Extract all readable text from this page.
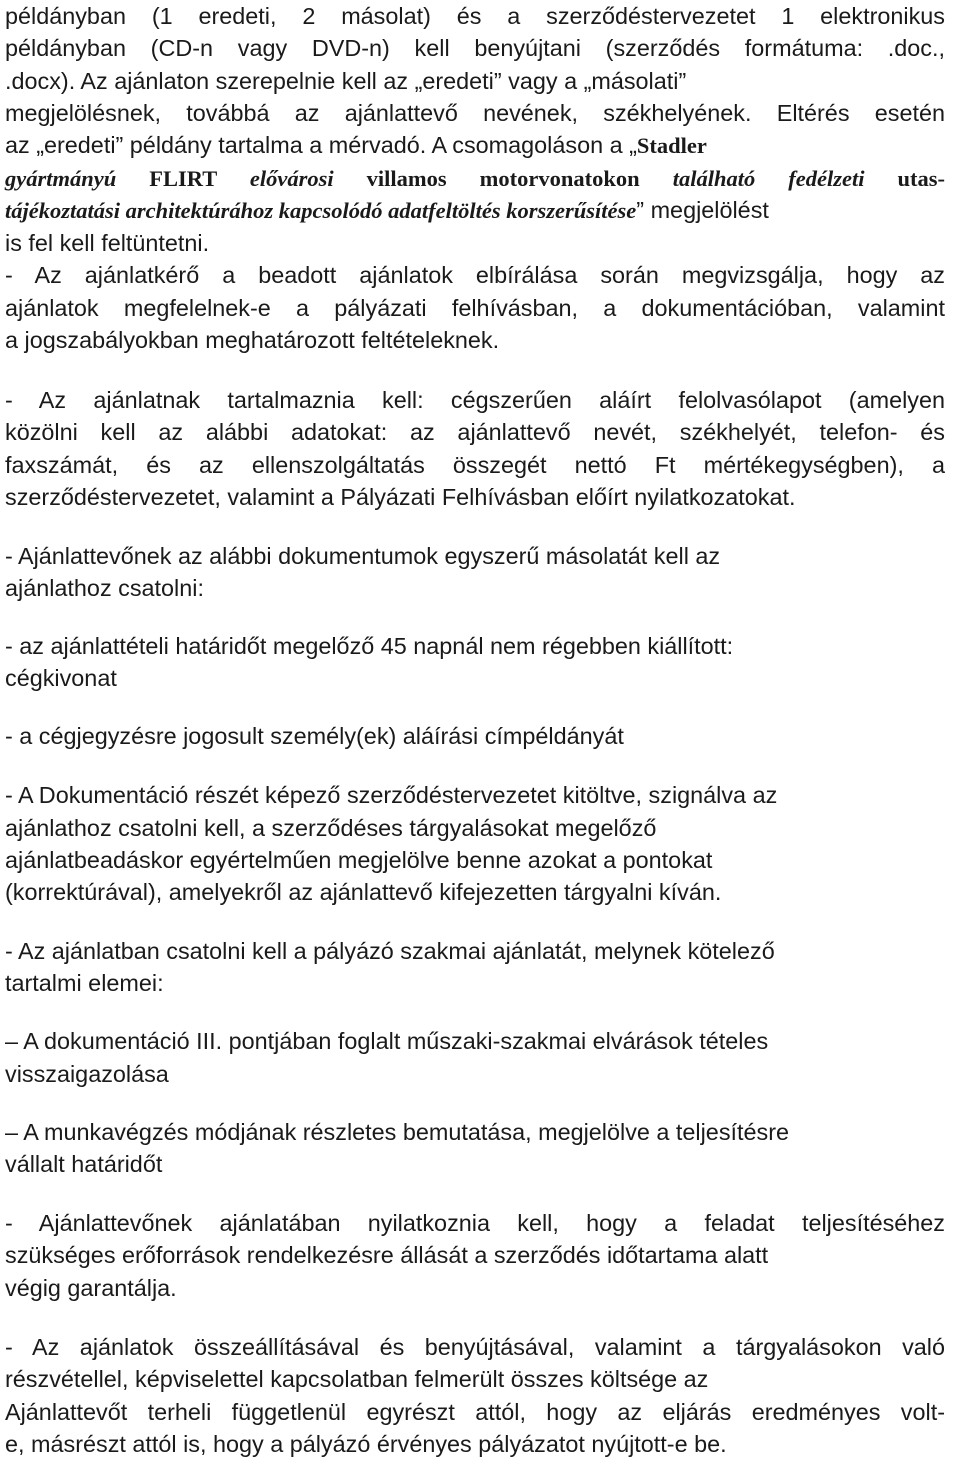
példányban (1 eredeti, 2 másolat) és a szerződéstervezetet 1 elektronikus
példányban (CD-n vagy DVD-n) kell benyújtani (szerződés formátuma: .doc.,
.docx). Az ajánlaton szerepelnie kell az „eredeti” vagy a „másolati”
megjelölésnek, továbbá az ajánlattevő nevének, székhelyének. Eltérés esetén
az „eredeti” példány tartalma a mérvadó. A csomagoláson a „Stadler
gyártmányú FLIRT elővárosi villamos motorvonatokon található fedélzeti utas-
tájékoztatási architektúrához kapcsolódó adatfeltöltés korszerűsítése” megjelölést
is fel kell feltüntetni.
- Az ajánlatkérő a beadott ajánlatok elbírálása során megvizsgálja, hogy az
ajánlatok megfelelnek-e a pályázati felhívásban, a dokumentációban, valamint
a jogszabályokban meghatározott feltételeknek.
- Az ajánlatnak tartalmaznia kell: cégszerűen aláírt felolvasólapot (amelyen
közölni kell az alábbi adatokat: az ajánlattevő nevét, székhelyét, telefon- és
faxszámát, és az ellenszolgáltatás összegét nettó Ft mértékegységben), a
szerződéstervezetet, valamint a Pályázati Felhívásban előírt nyilatkozatokat.
- Ajánlattevőnek az alábbi dokumentumok egyszerű másolatát kell az
ajánlathoz csatolni:
- az ajánlattételi határidőt megelőző 45 napnál nem régebben kiállított:
cégkivonat
- a cégjegyzésre jogosult személy(ek) aláírási címpéldányát
- A Dokumentáció részét képező szerződéstervezetet kitöltve, szignálva az
ajánlathoz csatolni kell, a szerződéses tárgyalásokat megelőző
ajánlatbeadáskor egyértelműen megjelölve benne azokat a pontokat
(korrektúrával), amelyekről az ajánlattevő kifejezetten tárgyalni kíván.
- Az ajánlatban csatolni kell a pályázó szakmai ajánlatát, melynek kötelező
tartalmi elemei:
– A dokumentáció III. pontjában foglalt műszaki-szakmai elvárások tételes
visszaigazolása
– A munkavégzés módjának részletes bemutatása, megjelölve a teljesítésre
vállalt határidőt
- Ajánlattevőnek ajánlatában nyilatkoznia kell, hogy a feladat teljesítéséhez
szükséges erőforrások rendelkezésre állását a szerződés időtartama alatt
végig garantálja.
- Az ajánlatok összeállításával és benyújtásával, valamint a tárgyalásokon való
részvétellel, képviselettel kapcsolatban felmerült összes költsége az
Ajánlattevőt terheli függetlenül egyrészt attól, hogy az eljárás eredményes volt-
e, másrészt attól is, hogy a pályázó érvényes pályázatot nyújtott-e be.
